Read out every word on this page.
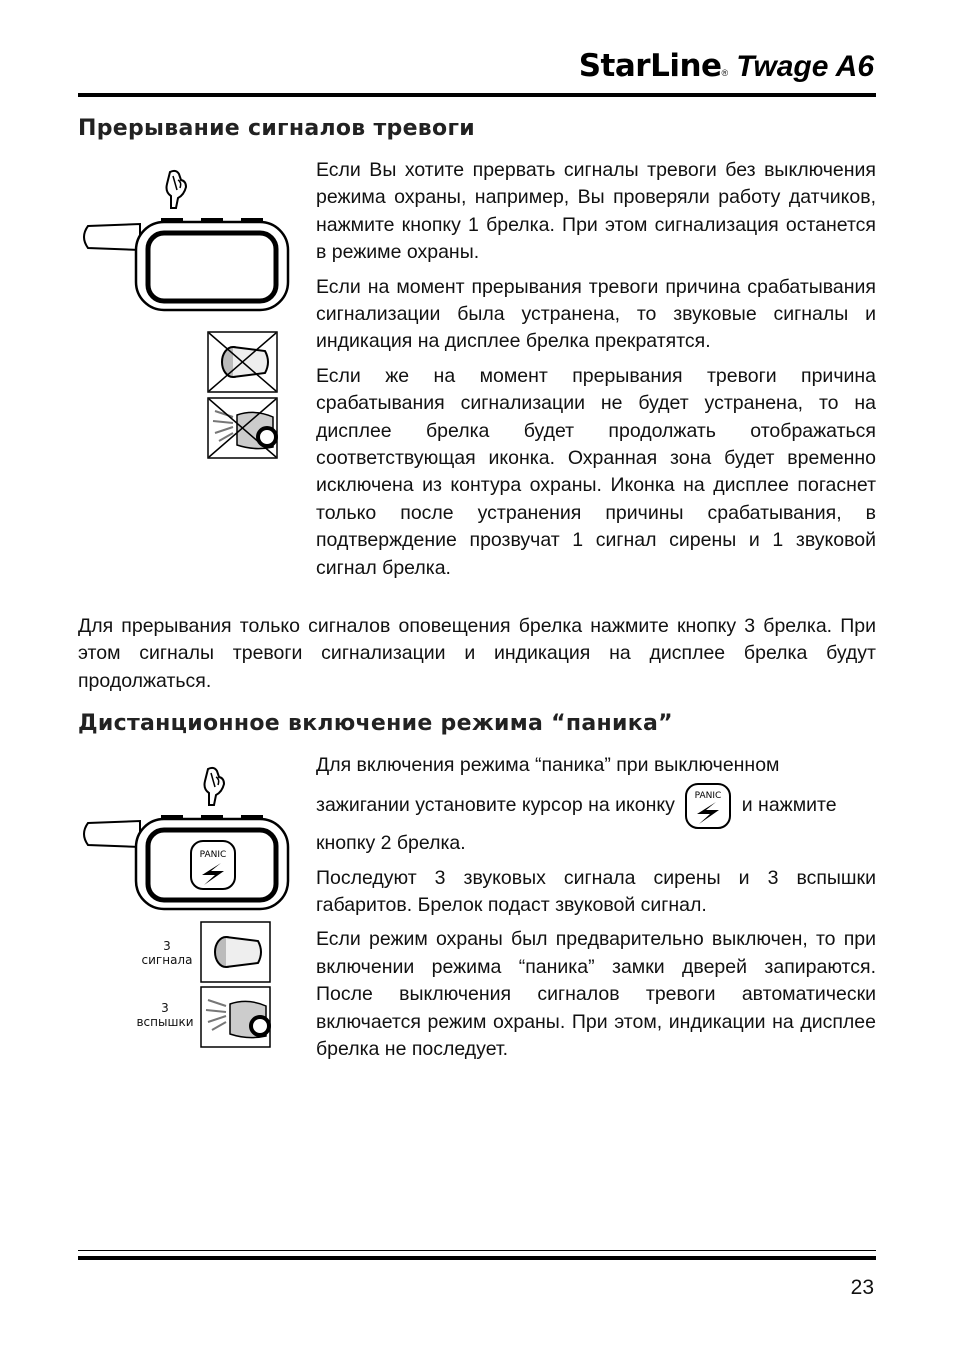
StarLine ® Twage A6
Прерывание сигналов тревоги

Если Вы хотите прервать сигналы тревоги без выключения режима охраны, например, Вы проверяли работу датчиков, нажмите кнопку 1 брелка. При этом сигнализация останется в режиме охраны.

Если на момент прерывания тревоги причина срабатывания сигнализации была устранена, то звуковые сигналы и индикация на дисплее брелка прекратятся.

Если же на момент прерывания тревоги причина срабатывания сигнализации не будет устранена, то на дисплее брелка будет продолжать отображаться соответствующая иконка. Охранная зона будет временно исключена из контура охраны. Иконка на дисплее погаснет только после устранения причины срабатывания, в подтверждение прозвучат 1 сигнал сирены и 1 звуковой сигнал брелка.

Для прерывания только сигналов оповещения брелка нажмите кнопку 3 брелка. При этом сигналы тревоги сигнализации и индикация на дисплее брелка будут продолжаться.

Дистанционное включение режима “паника”
PANIC
3
сигнала
3
вспышки

Для включения режима “паника” при выключенном

зажигании установите курсор на иконку PANIC и нажмите

кнопку 2 брелка.

Последуют 3 звуковых сигнала сирены и 3 вспышки габаритов. Брелок подаст звуковой сигнал.

Если режим охраны был предварительно выключен, то при включении режима “паника” замки дверей запираются. После выключения сигналов тревоги автоматически включается режим охраны. При этом, индикации на дисплее брелка не последует.

23
